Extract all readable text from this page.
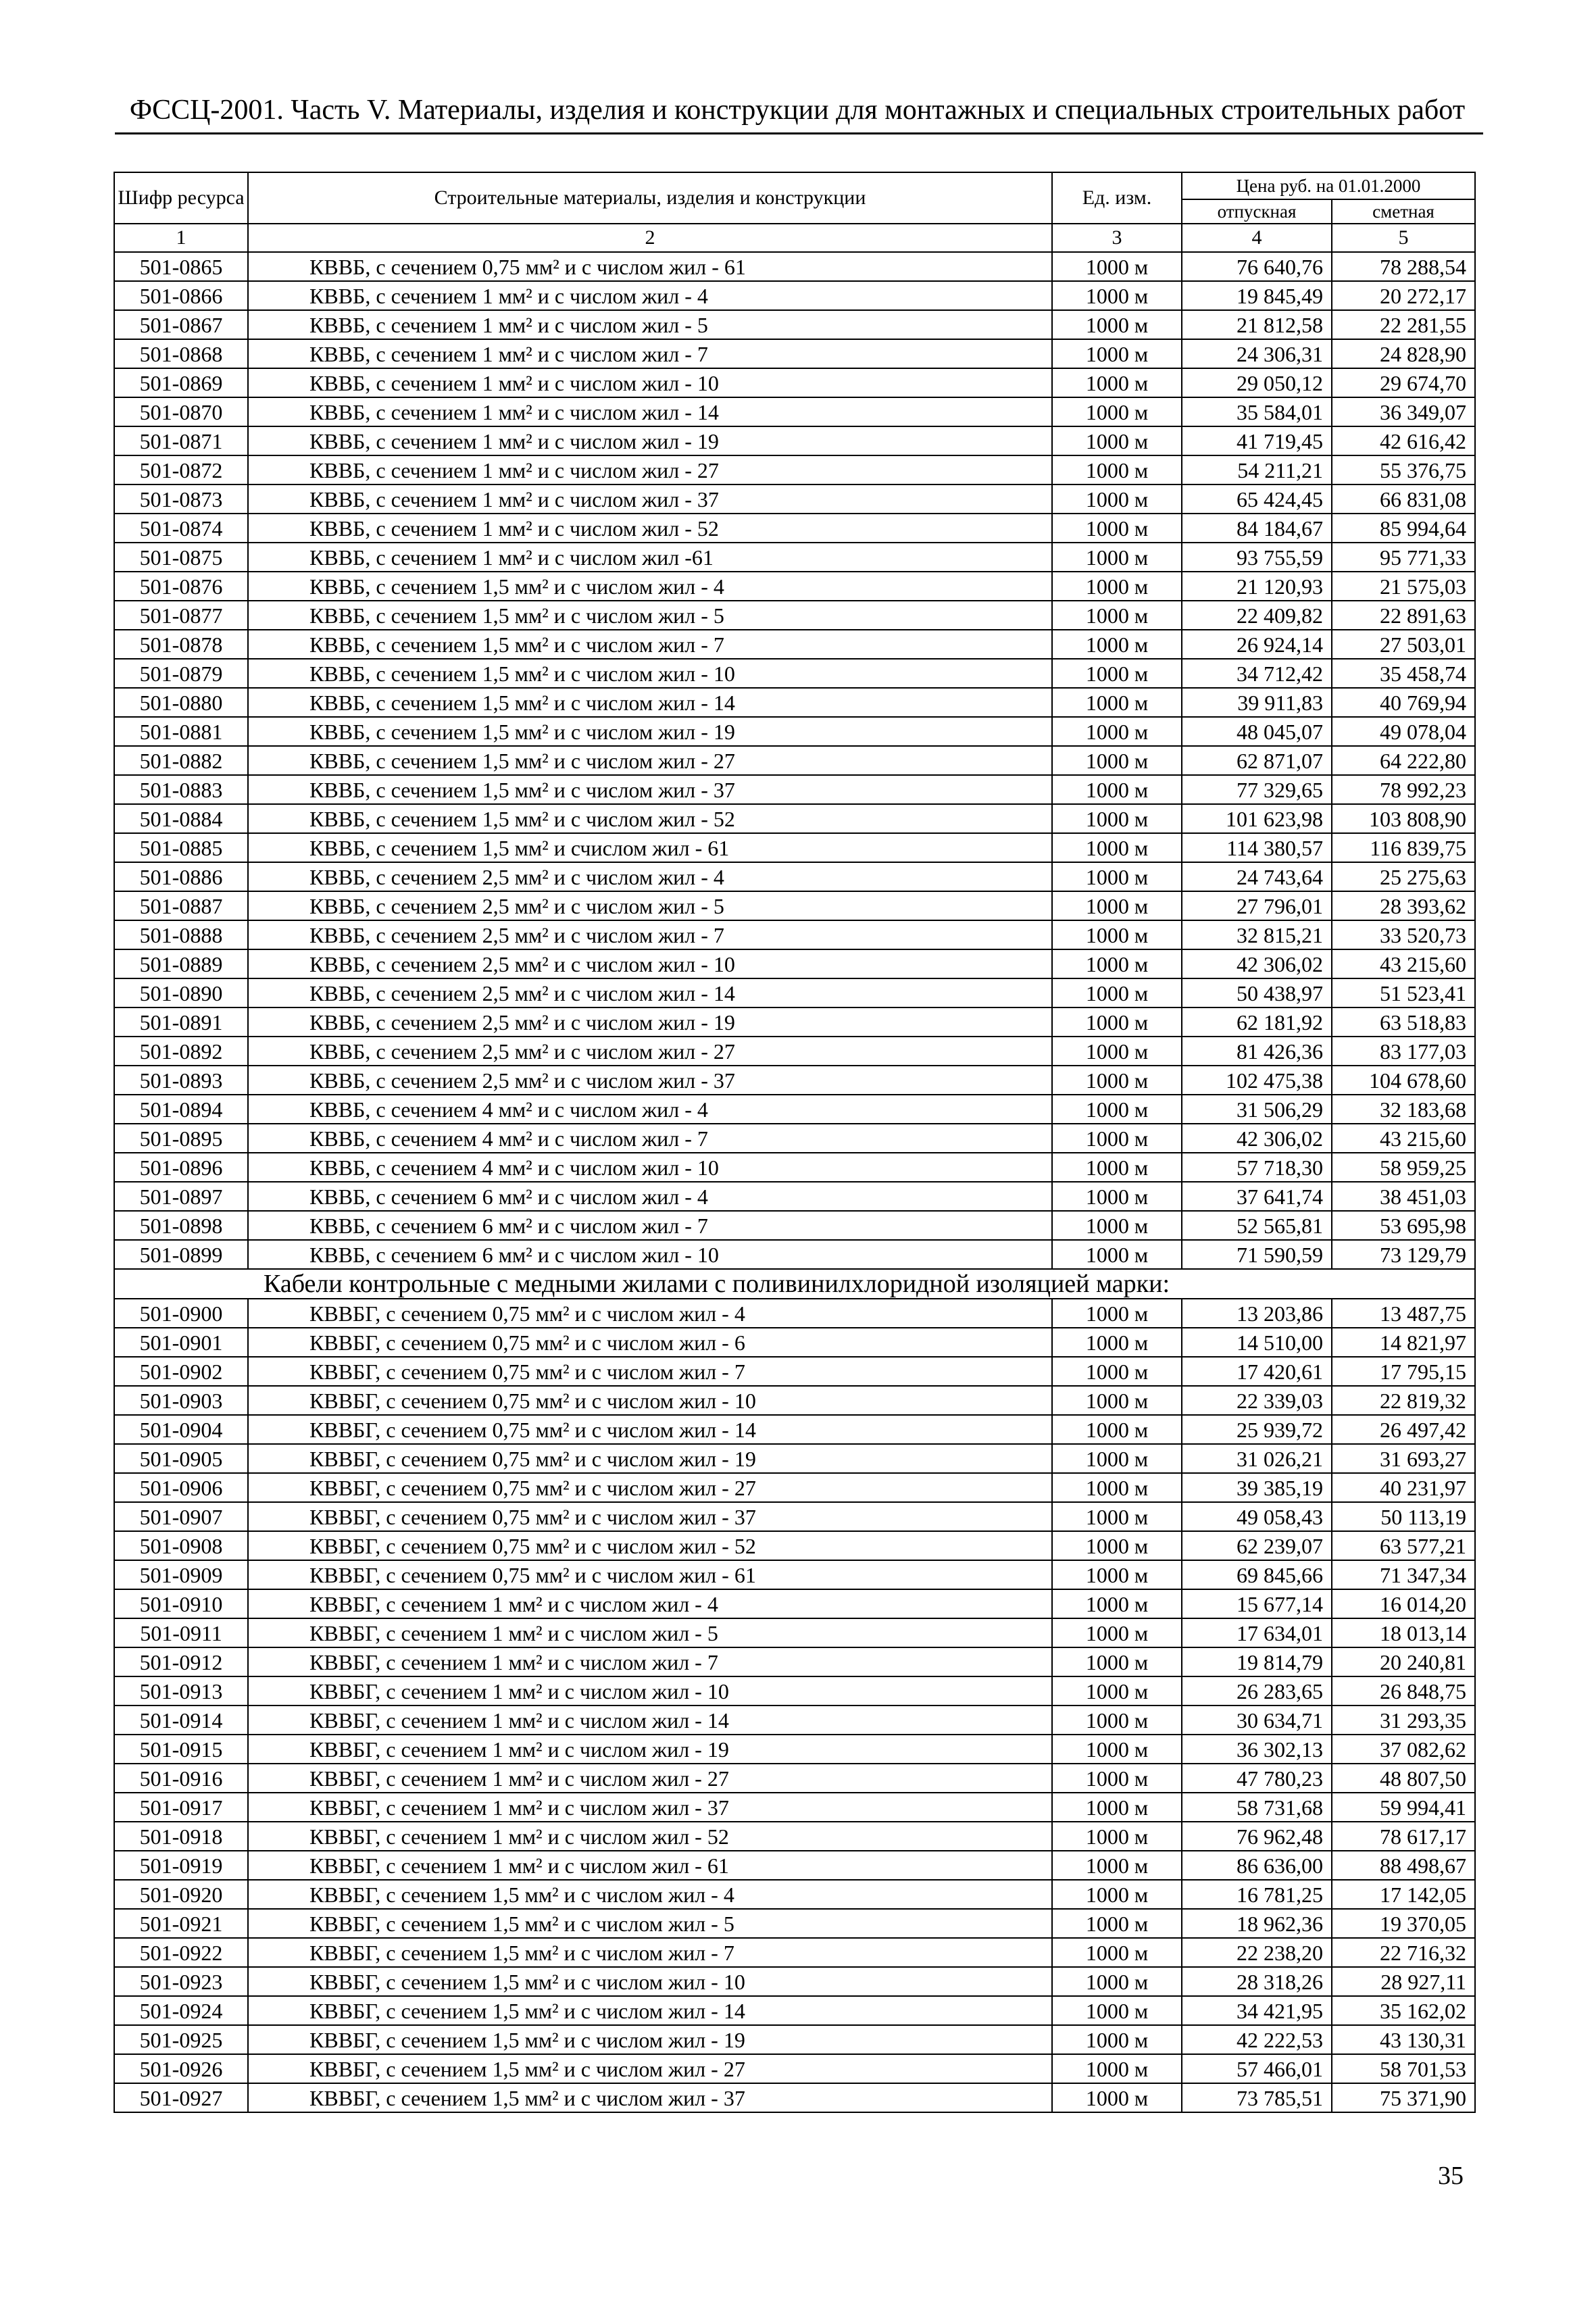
ФССЦ-2001. Часть V. Материалы, изделия и конструкции для монтажных и специальных строительных работ
Шифр ресурса	Строительные материалы, изделия и конструкции	Ед. изм.	Цена руб. на 01.01.2000	
			отпускная	сметная
1	2	3	4	5
501-0865	КВВБ, с сечением 0,75 мм² и с числом жил - 61	1000 м	76 640,76	78 288,54
501-0866	КВВБ, с сечением 1 мм² и с числом жил - 4	1000 м	19 845,49	20 272,17
501-0867	КВВБ, с сечением 1 мм² и с числом жил - 5	1000 м	21 812,58	22 281,55
501-0868	КВВБ, с сечением 1 мм² и с числом жил - 7	1000 м	24 306,31	24 828,90
501-0869	КВВБ, с сечением 1 мм² и с числом жил - 10	1000 м	29 050,12	29 674,70
501-0870	КВВБ, с сечением 1 мм² и с числом жил - 14	1000 м	35 584,01	36 349,07
501-0871	КВВБ, с сечением 1 мм² и с числом жил - 19	1000 м	41 719,45	42 616,42
501-0872	КВВБ, с сечением 1 мм² и с числом жил - 27	1000 м	54 211,21	55 376,75
501-0873	КВВБ, с сечением 1 мм² и с числом жил - 37	1000 м	65 424,45	66 831,08
501-0874	КВВБ, с сечением 1 мм² и с числом жил - 52	1000 м	84 184,67	85 994,64
501-0875	КВВБ, с сечением 1 мм² и с числом жил -61	1000 м	93 755,59	95 771,33
501-0876	КВВБ, с сечением 1,5 мм² и с числом жил - 4	1000 м	21 120,93	21 575,03
501-0877	КВВБ, с сечением 1,5 мм² и с числом жил - 5	1000 м	22 409,82	22 891,63
501-0878	КВВБ, с сечением 1,5 мм² и с числом жил - 7	1000 м	26 924,14	27 503,01
501-0879	КВВБ, с сечением 1,5 мм² и с числом жил - 10	1000 м	34 712,42	35 458,74
501-0880	КВВБ, с сечением 1,5 мм² и с числом жил - 14	1000 м	39 911,83	40 769,94
501-0881	КВВБ, с сечением 1,5 мм² и с числом жил - 19	1000 м	48 045,07	49 078,04
501-0882	КВВБ, с сечением 1,5 мм² и с числом жил - 27	1000 м	62 871,07	64 222,80
501-0883	КВВБ, с сечением 1,5 мм² и с числом жил - 37	1000 м	77 329,65	78 992,23
501-0884	КВВБ, с сечением 1,5 мм² и с числом жил - 52	1000 м	101 623,98	103 808,90
501-0885	КВВБ, с сечением 1,5 мм² и счислом жил - 61	1000 м	114 380,57	116 839,75
501-0886	КВВБ, с сечением 2,5 мм² и с числом жил - 4	1000 м	24 743,64	25 275,63
501-0887	КВВБ, с сечением 2,5 мм² и с числом жил - 5	1000 м	27 796,01	28 393,62
501-0888	КВВБ, с сечением 2,5 мм² и с числом жил - 7	1000 м	32 815,21	33 520,73
501-0889	КВВБ, с сечением 2,5 мм² и с числом жил - 10	1000 м	42 306,02	43 215,60
501-0890	КВВБ, с сечением 2,5 мм² и с числом жил - 14	1000 м	50 438,97	51 523,41
501-0891	КВВБ, с сечением 2,5 мм² и с числом жил - 19	1000 м	62 181,92	63 518,83
501-0892	КВВБ, с сечением 2,5 мм² и с числом жил - 27	1000 м	81 426,36	83 177,03
501-0893	КВВБ, с сечением 2,5 мм² и с числом жил - 37	1000 м	102 475,38	104 678,60
501-0894	КВВБ, с сечением 4 мм² и с числом жил - 4	1000 м	31 506,29	32 183,68
501-0895	КВВБ, с сечением 4 мм² и с числом жил - 7	1000 м	42 306,02	43 215,60
501-0896	КВВБ, с сечением 4 мм² и с числом жил - 10	1000 м	57 718,30	58 959,25
501-0897	КВВБ, с сечением 6 мм² и с числом жил - 4	1000 м	37 641,74	38 451,03
501-0898	КВВБ, с сечением 6 мм² и с числом жил - 7	1000 м	52 565,81	53 695,98
501-0899	КВВБ, с сечением 6 мм² и с числом жил - 10	1000 м	71 590,59	73 129,79
Кабели контрольные с медными жилами с поливинилхлоридной изоляцией марки:				
501-0900	КВВБГ, с сечением 0,75 мм² и с числом жил - 4	1000 м	13 203,86	13 487,75
501-0901	КВВБГ, с сечением 0,75 мм² и с числом жил - 6	1000 м	14 510,00	14 821,97
501-0902	КВВБГ, с сечением 0,75 мм² и с числом жил - 7	1000 м	17 420,61	17 795,15
501-0903	КВВБГ, с сечением 0,75 мм² и с числом жил - 10	1000 м	22 339,03	22 819,32
501-0904	КВВБГ, с сечением 0,75 мм² и с числом жил - 14	1000 м	25 939,72	26 497,42
501-0905	КВВБГ, с сечением 0,75 мм² и с числом жил - 19	1000 м	31 026,21	31 693,27
501-0906	КВВБГ, с сечением 0,75 мм² и с числом жил - 27	1000 м	39 385,19	40 231,97
501-0907	КВВБГ, с сечением 0,75 мм² и с числом жил - 37	1000 м	49 058,43	50 113,19
501-0908	КВВБГ, с сечением 0,75 мм² и с числом жил - 52	1000 м	62 239,07	63 577,21
501-0909	КВВБГ, с сечением 0,75 мм² и с числом жил - 61	1000 м	69 845,66	71 347,34
501-0910	КВВБГ, с сечением 1 мм² и с числом жил - 4	1000 м	15 677,14	16 014,20
501-0911	КВВБГ, с сечением 1 мм² и с числом жил - 5	1000 м	17 634,01	18 013,14
501-0912	КВВБГ, с сечением 1 мм² и с числом жил - 7	1000 м	19 814,79	20 240,81
501-0913	КВВБГ, с сечением 1 мм² и с числом жил - 10	1000 м	26 283,65	26 848,75
501-0914	КВВБГ, с сечением 1 мм² и с числом жил - 14	1000 м	30 634,71	31 293,35
501-0915	КВВБГ, с сечением 1 мм² и с числом жил - 19	1000 м	36 302,13	37 082,62
501-0916	КВВБГ, с сечением 1 мм² и с числом жил - 27	1000 м	47 780,23	48 807,50
501-0917	КВВБГ, с сечением 1 мм² и с числом жил - 37	1000 м	58 731,68	59 994,41
501-0918	КВВБГ, с сечением 1 мм² и с числом жил - 52	1000 м	76 962,48	78 617,17
501-0919	КВВБГ, с сечением 1 мм² и с числом жил - 61	1000 м	86 636,00	88 498,67
501-0920	КВВБГ, с сечением 1,5 мм² и с числом жил - 4	1000 м	16 781,25	17 142,05
501-0921	КВВБГ, с сечением 1,5 мм² и с числом жил - 5	1000 м	18 962,36	19 370,05
501-0922	КВВБГ, с сечением 1,5 мм² и с числом жил - 7	1000 м	22 238,20	22 716,32
501-0923	КВВБГ, с сечением 1,5 мм² и с числом жил - 10	1000 м	28 318,26	28 927,11
501-0924	КВВБГ, с сечением 1,5 мм² и с числом жил - 14	1000 м	34 421,95	35 162,02
501-0925	КВВБГ, с сечением 1,5 мм² и с числом жил - 19	1000 м	42 222,53	43 130,31
501-0926	КВВБГ, с сечением 1,5 мм² и с числом жил - 27	1000 м	57 466,01	58 701,53
501-0927	КВВБГ, с сечением 1,5 мм² и с числом жил - 37	1000 м	73 785,51	75 371,90
35
